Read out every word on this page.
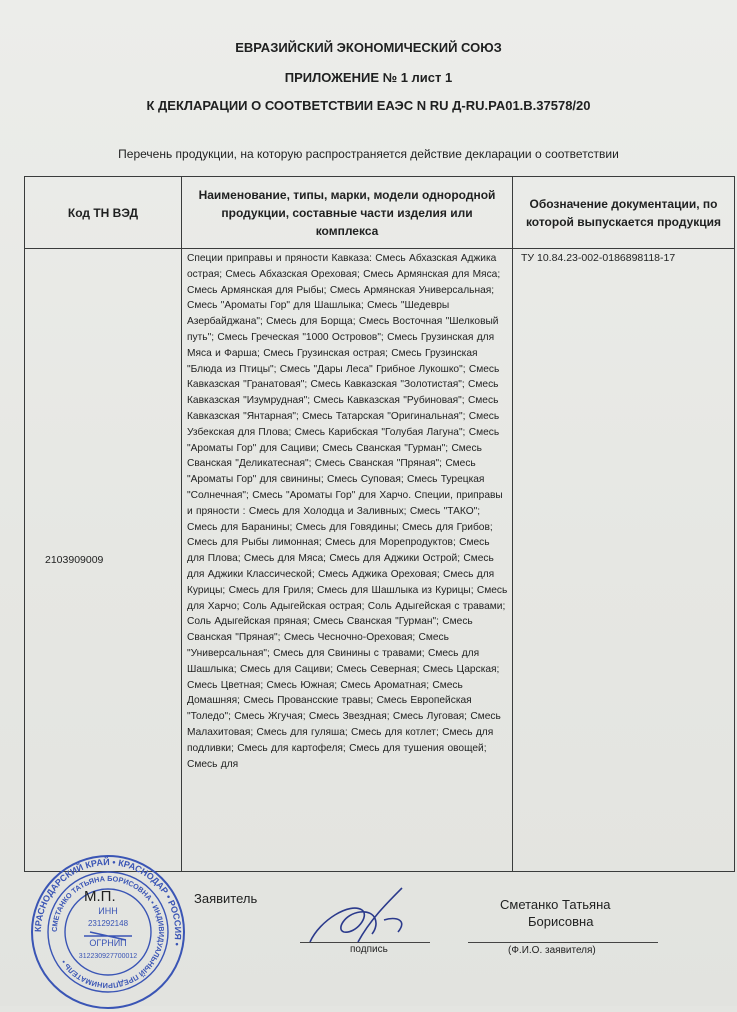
ЕВРАЗИЙСКИЙ ЭКОНОМИЧЕСКИЙ СОЮЗ
ПРИЛОЖЕНИЕ № 1 лист 1
К ДЕКЛАРАЦИИ О СООТВЕТСТВИИ ЕАЭС N RU Д-RU.PA01.B.37578/20
Перечень продукции, на которую распространяется действие декларации о соответствии
Код ТН ВЭД	Наименование, типы, марки, модели однородной продукции, составные части изделия или комплекса	Обозначение документации, по которой выпускается продукция

2103909009	Специи приправы и пряности Кавказа: Смесь Абхазская Аджика острая; Смесь Абхазская Ореховая; Смесь Армянская для Мяса; Смесь Армянская для Рыбы; Смесь Армянская Универсальная; Смесь "Ароматы Гор" для Шашлыка; Смесь "Шедевры Азербайджана"; Смесь для Борща; Смесь Восточная "Шелковый путь"; Смесь Греческая "1000 Островов"; Смесь Грузинская для Мяса и Фарша; Смесь Грузинская острая; Смесь Грузинская "Блюда из Птицы"; Смесь "Дары Леса" Грибное Лукошко"; Смесь Кавказская "Гранатовая"; Смесь Кавказская "Золотистая"; Смесь Кавказская "Изумрудная"; Смесь Кавказская "Рубиновая"; Смесь Кавказская "Янтарная"; Смесь Татарская "Оригинальная"; Смесь Узбекская для Плова; Смесь Карибская "Голубая Лагуна"; Смесь "Ароматы Гор" для Сациви; Смесь Сванская "Гурман"; Смесь Сванская "Деликатесная"; Смесь Сванская "Пряная"; Смесь "Ароматы Гор" для свинины; Смесь Суповая; Смесь Турецкая "Солнечная"; Смесь "Ароматы Гор" для Харчо. Специи, приправы и пряности : Смесь для Холодца и Заливных; Смесь "ТАКО"; Смесь для Баранины; Смесь для Говядины; Смесь для Грибов; Смесь для Рыбы лимонная; Смесь для Морепродуктов; Смесь для Плова; Смесь для Мяса; Смесь для Аджики Острой; Смесь для Аджики Классической; Смесь Аджика Ореховая; Смесь для Курицы; Смесь для Гриля; Смесь для Шашлыка из Курицы; Смесь для Харчо; Соль Адыгейская острая; Соль Адыгейская с травами; Соль Адыгейская пряная; Смесь Сванская "Гурман"; Смесь Сванская "Пряная"; Смесь Чесночно-Ореховая; Смесь "Универсальная"; Смесь для Свинины с травами; Смесь для Шашлыка; Смесь для Сациви; Смесь Северная; Смесь Царская; Смесь Цветная; Смесь Южная; Смесь Ароматная; Смесь Домашняя; Смесь Провансские травы; Смесь Европейская "Толедо"; Смесь Жгучая; Смесь Звездная; Смесь Луговая; Смесь Малахитовая; Смесь для гуляша; Смесь для котлет; Смесь для подливки; Смесь для картофеля; Смесь для тушения овощей; Смесь для	ТУ 10.84.23-002-0186898118-17
КРАСНОДАРСКИЙ КРАЙ • КРАСНОДАР • РОССИЯ •
СМЕТАНКО ТАТЬЯНА БОРИСОВНА • ИНДИВИДУАЛЬНЫЙ ПРЕДПРИНИМАТЕЛЬ •
ИНН
231292148
ОГРНИП
312230927700012
М.П.	Заявитель
подпись
Сметанко Татьяна
Борисовна
(Ф.И.О. заявителя)
